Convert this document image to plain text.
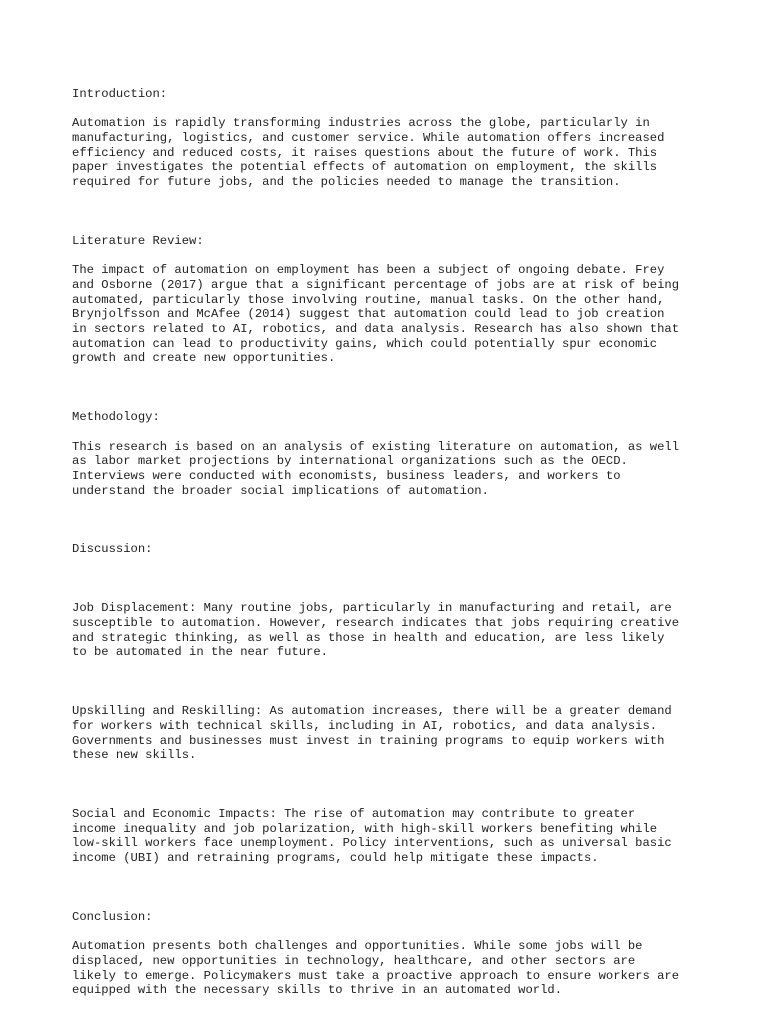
Introduction:

Automation is rapidly transforming industries across the globe, particularly in
manufacturing, logistics, and customer service. While automation offers increased
efficiency and reduced costs, it raises questions about the future of work. This
paper investigates the potential effects of automation on employment, the skills
required for future jobs, and the policies needed to manage the transition.

Literature Review:

The impact of automation on employment has been a subject of ongoing debate. Frey
and Osborne (2017) argue that a significant percentage of jobs are at risk of being
automated, particularly those involving routine, manual tasks. On the other hand,
Brynjolfsson and McAfee (2014) suggest that automation could lead to job creation
in sectors related to AI, robotics, and data analysis. Research has also shown that
automation can lead to productivity gains, which could potentially spur economic
growth and create new opportunities.

Methodology:

This research is based on an analysis of existing literature on automation, as well
as labor market projections by international organizations such as the OECD.
Interviews were conducted with economists, business leaders, and workers to
understand the broader social implications of automation.

Discussion:

Job Displacement: Many routine jobs, particularly in manufacturing and retail, are
susceptible to automation. However, research indicates that jobs requiring creative
and strategic thinking, as well as those in health and education, are less likely
to be automated in the near future.

Upskilling and Reskilling: As automation increases, there will be a greater demand
for workers with technical skills, including in AI, robotics, and data analysis.
Governments and businesses must invest in training programs to equip workers with
these new skills.

Social and Economic Impacts: The rise of automation may contribute to greater
income inequality and job polarization, with high-skill workers benefiting while
low-skill workers face unemployment. Policy interventions, such as universal basic
income (UBI) and retraining programs, could help mitigate these impacts.

Conclusion:

Automation presents both challenges and opportunities. While some jobs will be
displaced, new opportunities in technology, healthcare, and other sectors are
likely to emerge. Policymakers must take a proactive approach to ensure workers are
equipped with the necessary skills to thrive in an automated world.
